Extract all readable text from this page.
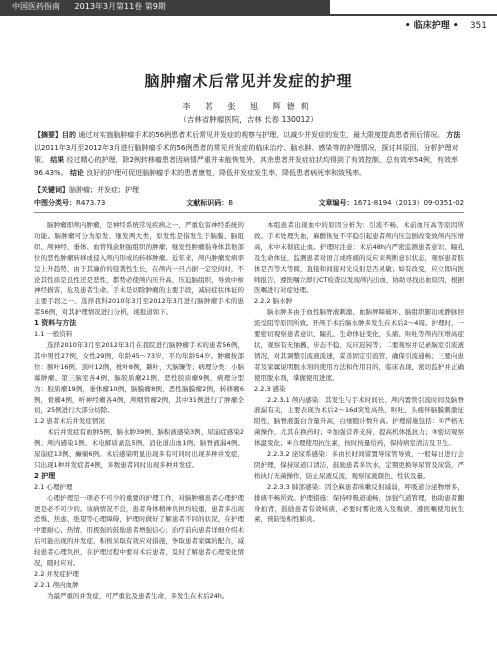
中国医药指南 2013年3月第11卷 第9期
• 临床护理 • 351
脑肿瘤术后常见并发症的护理
李 茗 张 旭 辉德莉
（吉林省肿瘤医院，吉林 长春 130012）
【摘要】目的 通过对实施脑肿瘤手术的56例患者术后常见并发症的观察与护理，以减少并发症的发生，最大限度提高患者预后情况。 方法 以2011年3月至2012年3月进行脑肿瘤手术的56例患者的常见并发症的临床治疗、脑水肿、感染等的护理情况，探讨其原因，分析护理对策。 结果 经过精心的护理，除2例转移瘤患者因病情严重并未能恢复外，其余患者并发症症状均得到了有效控制，总有效率54例，有效率96.43%。 结论 良好的护理可促进脑肿瘤手术的患者康复，降低并发症发生率，降低患者病死率和致残率。
【关键词】脑肿瘤；并发症；护理
中图分类号：R473.73	文献标识码：B	文章编号：1671-8194（2013）09-0351-02

脑肿瘤即颅内肿瘤，是神经系统常见疾病之一，严重危害神经系统的功能。脑肿瘤可分为原发、继发两大类，原发性是指发生于脑膜、脑组织、颅神经、垂体、血管残余胚胎组织的肿瘤；继发性肿瘤指身体其他部位的恶性肿瘤转移或侵入颅内形成的转移肿瘤。近年来，颅内肿瘤发病率呈上升趋势，由于其廉价的侵袭性生长，在颅内一旦占据一定空间时，不论其性质是良性还是恶性，都势必使颅内压升高，压迫脑组织，导致中枢神经损害，危及患者生命。手术是切除肿瘤的主要手段，减轻症状体征的主要手段之一。选择我科2010年3月至2012年3月进行脑肿瘤手术的患者56例，对其护理情况进行分析，现报道如下。

1 资料与方法

1.1 一般资料

选择2010年3月至2012年3月在我院进行脑肿瘤手术的患者56例，其中男性27例，女性29例，年龄45～73岁，平均年龄54岁。肿瘤按部位：额叶16例，顶叶12例，枕叶8例，颞叶、大脑镰等；病理分类：小脑幕肿瘤、第三脑室各4例，脑胶质瘤21例，恶性胶质瘤9例，病理分型为：胶质瘤19例，垂体瘤10例，脑膜瘤8例，恶性脑膜瘤2例，转移瘤6例，骨瘤4例，听神经瘤各4例，颅咽管瘤2例，其中31例进行了肿瘤全切，25例进行大部分切除。

1.2 患者术后并发症情况

术后并发症有血肿5例、脑水肿39例、脑积液感染3例、尿崩症感染2例、颅内感染1例、术电解质紊乱5例、消化道出血1例、脑脊液漏4例、尿崩症13例、癫痫6例。术后感染明显出现多有可同时出现多种并发症，只出现1种并发症者4例，多数患者同时出现多种并发症。

2 护理

2.1 心理护理

心理护理是一项必不可少的重要的护理工作，对脑肿瘤患者心理护理更是必不可少的。该病情况不良，患者身体精神负担均较重，患者多出现恐惧、焦虑、绝望等心理障碍，护理时做好了解患者不同的状况，在护理中要耐心、热情，用极强的鼓励患者增强信心；治疗前向患者详细介绍术后可能出现的并发症，积极采取有效应对措施，争取患者家属的配合，减轻患者心理负担，在护理过程中要对术后患者，及时了解患者心理变化情况，随时应对。

2.2 并发症护理

2.2.1 颅内血肿

为最严重的并发症，可严重危及患者生命，多发生在术后24h。

本组患者出现血中的原因分析为：引流不畅、术前血压高等原因所致。手术处理失血，麻醉恢复不平稳引起患者颅内压急剧改变致颅内压增高，术中未彻底止血。护理时注意：术后48h内严密监测患者意识、瞳孔及生命体征，监测患者对语言或疼痛的反应来判断意识状态，观察患者肢体是否等大等圆，直接和间接对光反射是否灵敏；如有改变，应立即向医师报告，遵医嘱立即行CT检查以发现颅内出血，协助寻找出血原因，根据医嘱进行对症处理。

2.2.2 脑水肿

脑水肿多由于血性脑脊液刺激、血脑屏障破坏、脑组织膨出或静脉回流受阻等原因所致。开颅手术后脑水肿多发生在术后2～4周。护理时，一要密切观察患者意识、瞳孔、生命体征变化，头痛、呕吐等颅内压增高症状，观察有无抽搐、步态不稳、反应迟钝等；二要观察并记录脑室引流液情况，对其调整引流液流速，妥善固定引流管，确保引流通畅；三要向患者及家属说明脱水剂的使用方法和作用目的，临床表现，密切监护并正确使用脱水剂，掌握使用进度。

2.2.3 感染

2.2.3.1 颅内感染：其发生与手术时间长、颅内置管引流时间及脑脊液漏有关，主要表现为术后2～16d突发高热、呕吐、头痛伴脑膜刺激征阳性，脑脊液蛋白含量升高，白细胞计数升高。护理措施包括：①严格无菌操作，尤其在换药时；②加强营养支持，提高机体抵抗力；③密切观察体温变化；④合理使用抗生素，按时按量给药，保持病室清洁及卫生。

2.2.3.2 泌尿系感染：多由长时间留置导尿管导致，一般每日进行会阴护理，保持尿道口清洁，鼓励患者多饮水，定期更换导尿管及尿袋，严格执行无菌操作，防止尿液反流，观察尿液颜色、性状及量。

2.2.3.3 肺部感染：因全麻患者咳嗽反射减弱，呼吸道分泌物增多，排痰不畅所致。护理措施：保持呼吸道通畅，加强气道管理，协助患者翻身拍背，鼓励患者有效咳痰，必要时雾化吸入及吸痰，遵医嘱使用抗生素，预防坠积性肺炎。
